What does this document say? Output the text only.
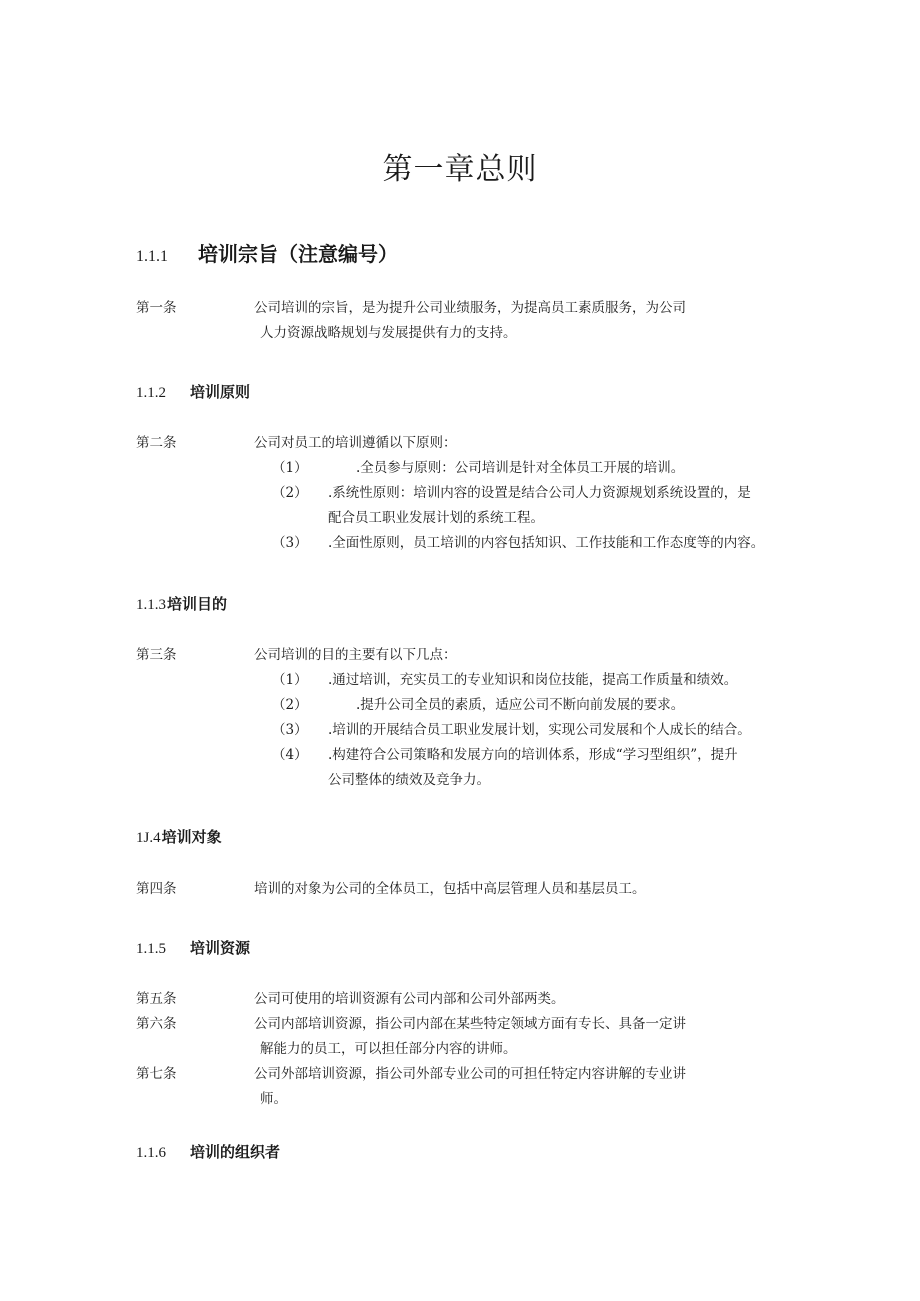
第一章总则
1.1.1 培训宗旨（注意编号）
第一条	公司培训的宗旨，是为提升公司业绩服务，为提高员工素质服务，为公司
人力资源战略规划与发展提供有力的支持。
1.1.2 培训原则
第二条	公司对员工的培训遵循以下原则：
（1）	.全员参与原则：公司培训是针对全体员工开展的培训。
（2） .系统性原则：培训内容的设置是结合公司人力资源规划系统设置的，是
配合员工职业发展计划的系统工程。
（3） .全面性原则，员工培训的内容包括知识、工作技能和工作态度等的内容。
1.1.3培训目的
第三条	公司培训的目的主要有以下几点：
（1） .通过培训，充实员工的专业知识和岗位技能，提高工作质量和绩效。
（2）	.提升公司全员的素质，适应公司不断向前发展的要求。
（3） .培训的开展结合员工职业发展计划，实现公司发展和个人成长的结合。
（4） .构建符合公司策略和发展方向的培训体系，形成“学习型组织”，提升
公司整体的绩效及竞争力。
1J.4培训对象
第四条	培训的对象为公司的全体员工，包括中高层管理人员和基层员工。
1.1.5 培训资源
第五条	公司可使用的培训资源有公司内部和公司外部两类。
第六条	公司内部培训资源，指公司内部在某些特定领域方面有专长、具备一定讲
解能力的员工，可以担任部分内容的讲师。
第七条	公司外部培训资源，指公司外部专业公司的可担任特定内容讲解的专业讲
师。
1.1.6 培训的组织者
